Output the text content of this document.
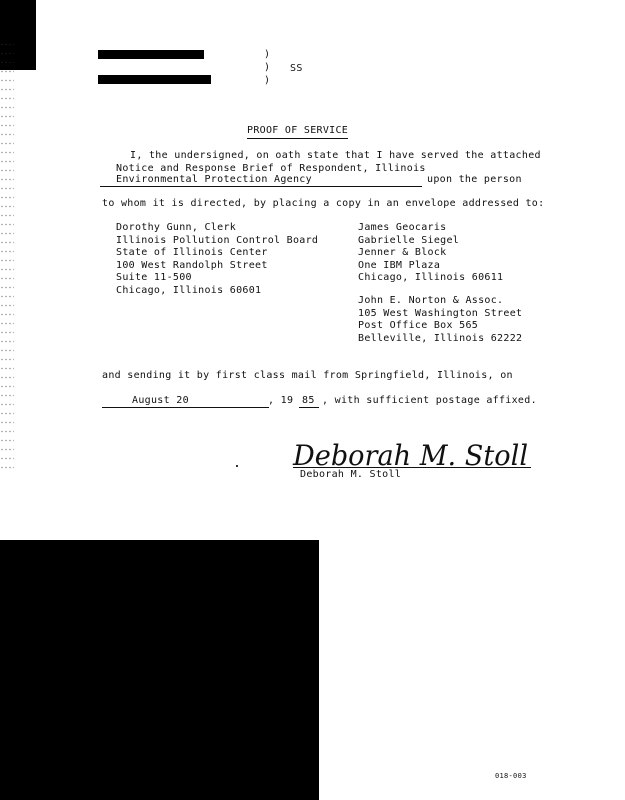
)
)
)
SS
PROOF OF SERVICE
I, the undersigned, on oath state that I have served the attached
Notice and Response Brief of Respondent, Illinois
Environmental Protection Agency	upon the person
to whom it is directed, by placing a copy in an envelope addressed to:
Dorothy Gunn, Clerk
Illinois Pollution Control Board
State of Illinois Center
100 West Randolph Street
Suite 11-500
Chicago, Illinois 60601
James Geocaris
Gabrielle Siegel
Jenner & Block
One IBM Plaza
Chicago, Illinois 60611
John E. Norton & Assoc.
105 West Washington Street
Post Office Box 565
Belleville, Illinois 62222
and sending it by first class mail from Springfield, Illinois, on
August 20	, 19 85 , with sufficient postage affixed.
Deborah M. Stoll
Deborah M. Stoll
018-003
